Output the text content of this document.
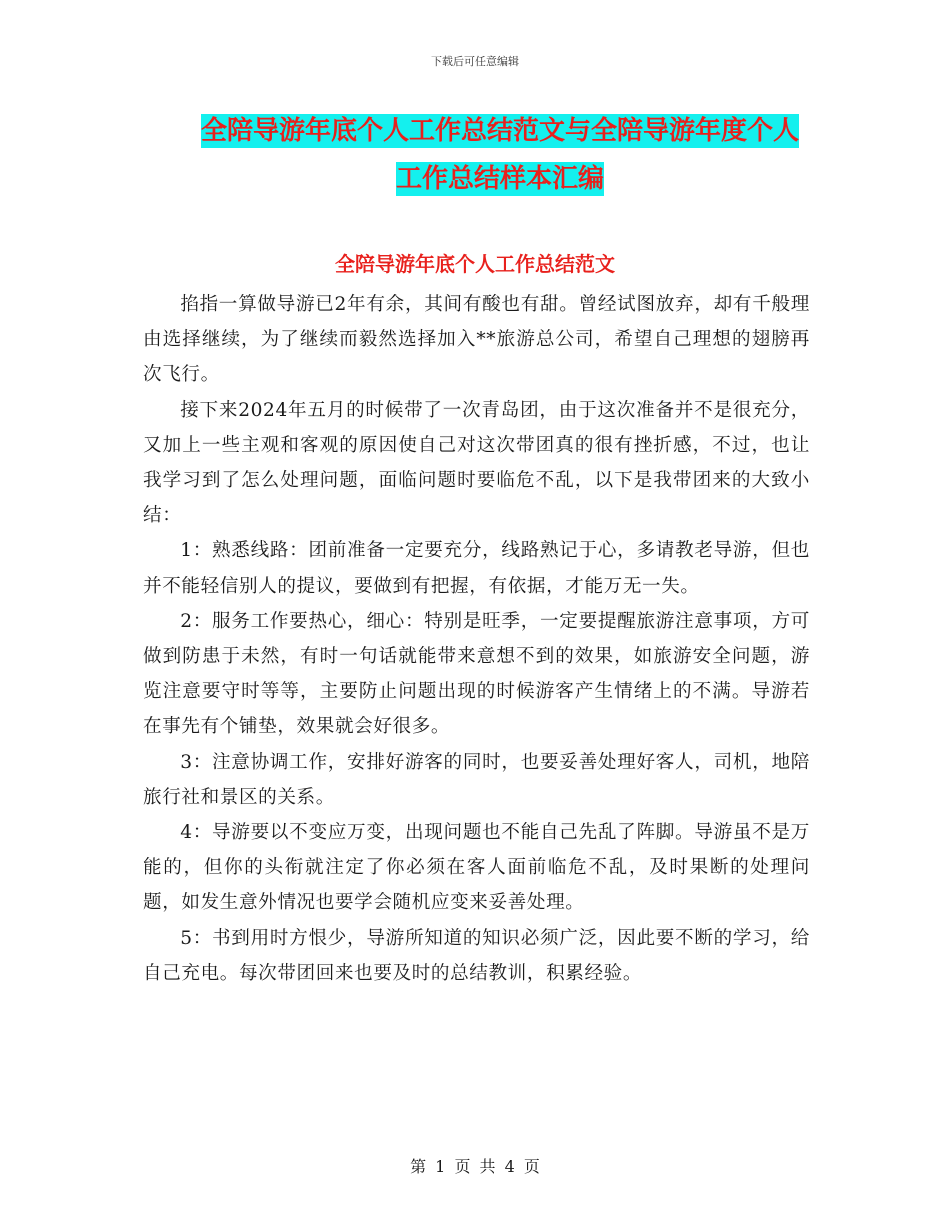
下载后可任意编辑
全陪导游年底个人工作总结范文与全陪导游年度个人
工作总结样本汇编
全陪导游年底个人工作总结范文

掐指一算做导游已2年有余，其间有酸也有甜。曾经试图放弃，却有千般理由选择继续，为了继续而毅然选择加入**旅游总公司，希望自己理想的翅膀再次飞行。

接下来2024年五月的时候带了一次青岛团，由于这次准备并不是很充分，又加上一些主观和客观的原因使自己对这次带团真的很有挫折感，不过，也让我学习到了怎么处理问题，面临问题时要临危不乱，以下是我带团来的大致小结：

1：熟悉线路：团前准备一定要充分，线路熟记于心，多请教老导游，但也并不能轻信别人的提议，要做到有把握，有依据，才能万无一失。

2：服务工作要热心，细心：特别是旺季，一定要提醒旅游注意事项，方可做到防患于未然，有时一句话就能带来意想不到的效果，如旅游安全问题，游览注意要守时等等，主要防止问题出现的时候游客产生情绪上的不满。导游若在事先有个铺垫，效果就会好很多。

3：注意协调工作，安排好游客的同时，也要妥善处理好客人，司机，地陪旅行社和景区的关系。

4：导游要以不变应万变，出现问题也不能自己先乱了阵脚。导游虽不是万能的，但你的头衔就注定了你必须在客人面前临危不乱，及时果断的处理问题，如发生意外情况也要学会随机应变来妥善处理。

5：书到用时方恨少，导游所知道的知识必须广泛，因此要不断的学习，给自己充电。每次带团回来也要及时的总结教训，积累经验。

第 1 页 共 4 页
